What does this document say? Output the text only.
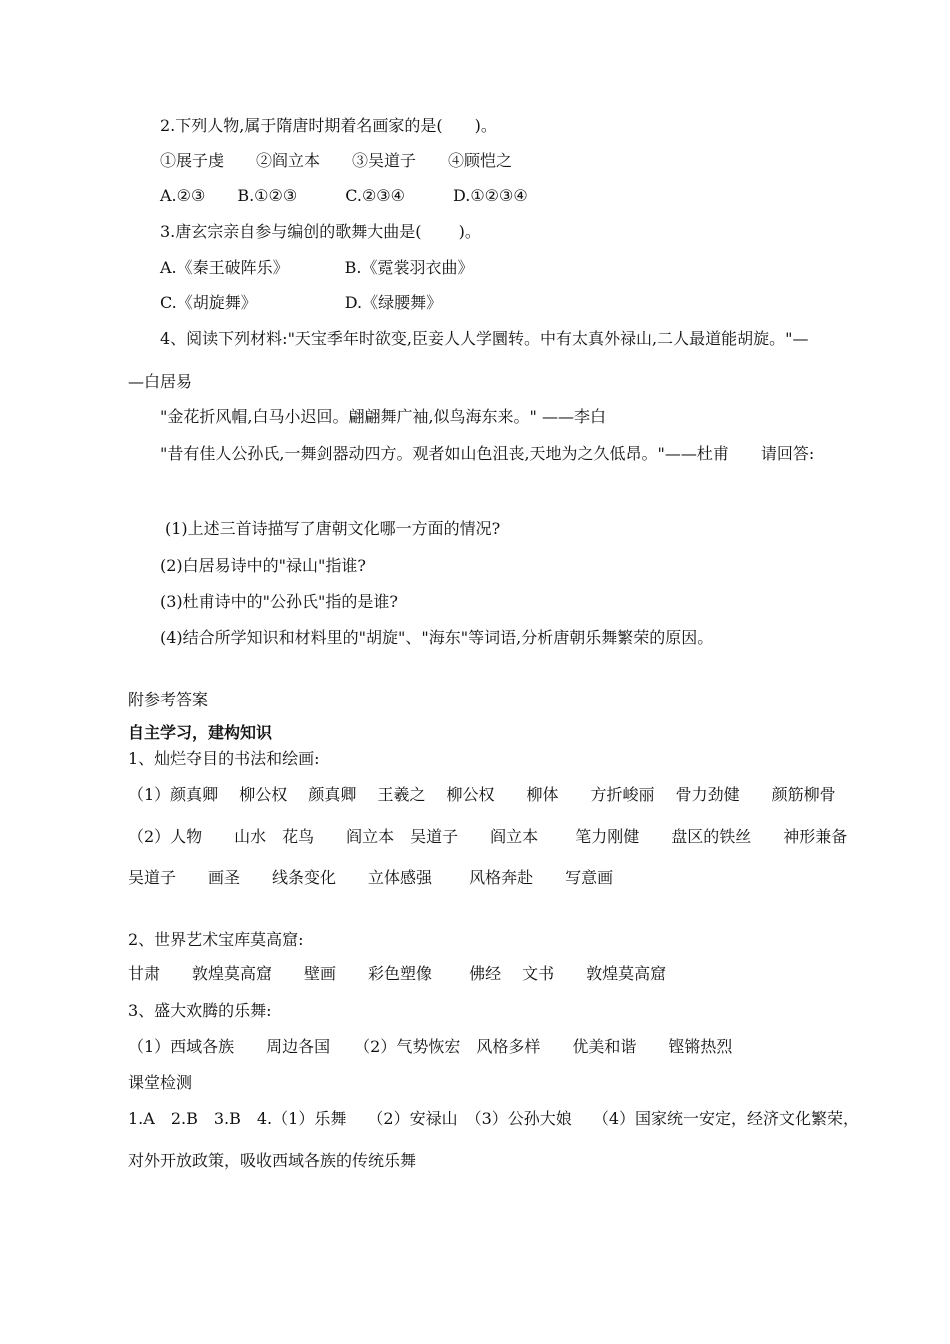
2.下列人物,属于隋唐时期着名画家的是(　　)。
①展子虔　　②阎立本　　③吴道子　　④顾恺之
A.②③　　B.①②③　　　C.②③④　　　D.①②③④
3.唐玄宗亲自参与编创的歌舞大曲是(　　 )。
A.《秦王破阵乐》　　　　B.《霓裳羽衣曲》
C.《胡旋舞》　　　　　　D.《绿腰舞》
4、阅读下列材料:"天宝季年时欲变,臣妾人人学圜转。中有太真外禄山,二人最道能胡旋。"—
—白居易
"金花折风帽,白马小迟回。翩翩舞广袖,似鸟海东来。" ——李白
"昔有佳人公孙氏,一舞剑器动四方。观者如山色沮丧,天地为之久低昂。"——杜甫　　请回答:
(1)上述三首诗描写了唐朝文化哪一方面的情况?
(2)白居易诗中的"禄山"指谁?
(3)杜甫诗中的"公孙氏"指的是谁?
(4)结合所学知识和材料里的"胡旋"、"海东"等词语,分析唐朝乐舞繁荣的原因。
附参考答案
自主学习，建构知识
1、灿烂夺目的书法和绘画:
（1）颜真卿　 柳公权　 颜真卿　 王羲之　 柳公权　　柳体　　方折峻丽　 骨力劲健　　颜筋柳骨
（2）人物　　山水　花鸟　　阎立本　吴道子　　阎立本　　 笔力刚健　　盘区的铁丝　　神形兼备
吴道子　　画圣　　线条变化　　立体感强　　 风格奔赴　　写意画
2、世界艺术宝库莫高窟:
甘肃　　敦煌莫高窟　　壁画　　彩色塑像　　 佛经　 文书　　敦煌莫高窟
3、盛大欢腾的乐舞:
（1）西域各族　　周边各国　　（2）气势恢宏　风格多样　　优美和谐　　铿锵热烈
课堂检测
1.A　2.B　3.B　4.（1）乐舞　 （2）安禄山　（3）公孙大娘　 （4）国家统一安定，经济文化繁荣，
对外开放政策，吸收西域各族的传统乐舞
